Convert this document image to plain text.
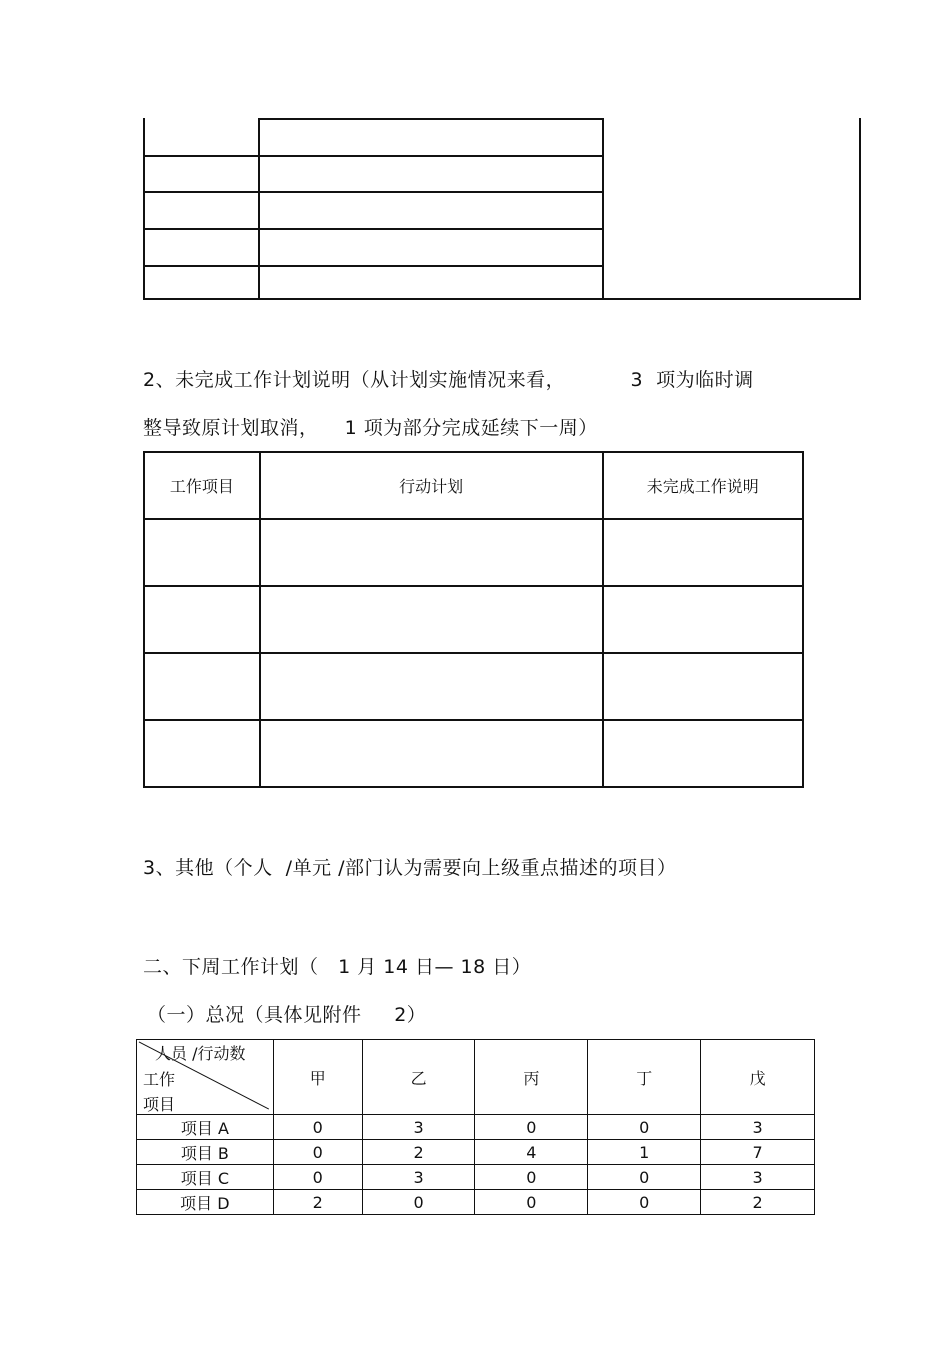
2、未完成工作计划说明（从计划实施情况来看，          3  项为临时调
整导致原计划取消，    1 项为部分完成延续下一周）
工作项目	行动计划	未完成工作说明

3、其他（个人  /单元 /部门认为需要向上级重点描述的项目）
二、下周工作计划（   1 月 14 日— 18 日）
（一）总况（具体见附件     2）
人员 /行动数
工作
项目	甲	乙	丙	丁	戊
项目 A	0	3	0	0	3
项目 B	0	2	4	1	7
项目 C	0	3	0	0	3
项目 D	2	0	0	0	2
